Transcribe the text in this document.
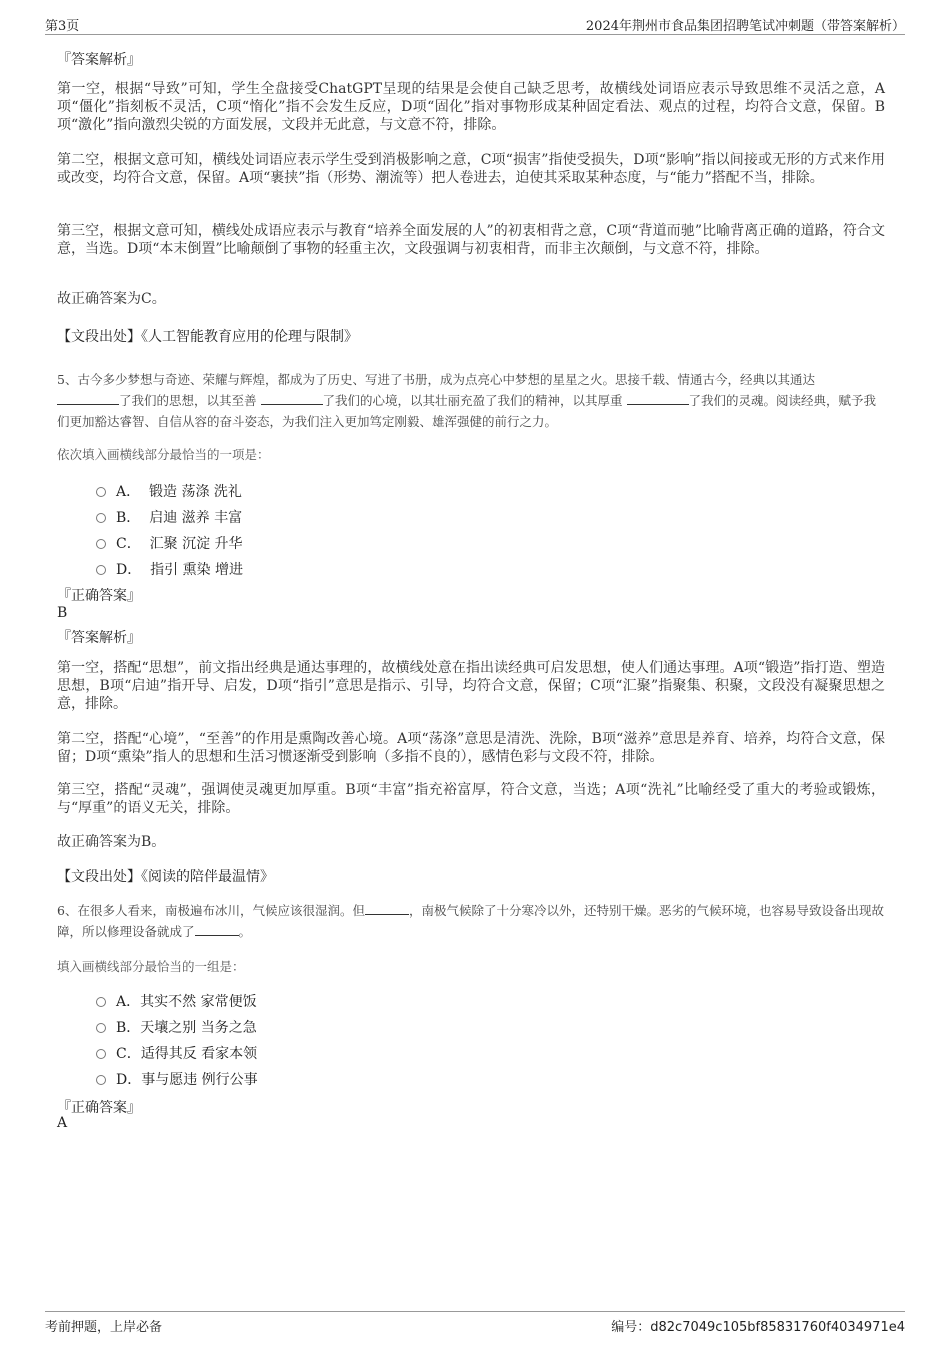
第3页	2024年荆州市食品集团招聘笔试冲刺题（带答案解析）
『答案解析』
第一空，根据“导致”可知，学生全盘接受ChatGPT呈现的结果是会使自己缺乏思考，故横线处词语应表示导致思维不灵活之意，A项“僵化”指刻板不灵活，C项“惰化”指不会发生反应，D项“固化”指对事物形成某种固定看法、观点的过程，均符合文意，保留。B项“激化”指向激烈尖锐的方面发展，文段并无此意，与文意不符，排除。
第二空，根据文意可知，横线处词语应表示学生受到消极影响之意，C项“损害”指使受损失，D项“影响”指以间接或无形的方式来作用或改变，均符合文意，保留。A项“裹挟”指（形势、潮流等）把人卷进去，迫使其采取某种态度，与“能力”搭配不当，排除。
第三空，根据文意可知，横线处成语应表示与教育“培养全面发展的人”的初衷相背之意，C项“背道而驰”比喻背离正确的道路，符合文意，当选。D项“本末倒置”比喻颠倒了事物的轻重主次，文段强调与初衷相背，而非主次颠倒，与文意不符，排除。
故正确答案为C。
【文段出处】《人工智能教育应用的伦理与限制》
5、古今多少梦想与奇迹、荣耀与辉煌，都成为了历史、写进了书册，成为点亮心中梦想的星星之火。思接千载、情通古今，经典以其通达
了我们的思想，以其至善	了我们的心境，以其壮丽充盈了我们的精神，以其厚重	了我们的灵魂。阅读经典，赋予我们更加豁达睿智、自信从容的奋斗姿态，为我们注入更加笃定刚毅、雄浑强健的前行之力。
依次填入画横线部分最恰当的一项是：
A． 锻造 荡涤 洗礼
B． 启迪 滋养 丰富
C． 汇聚 沉淀 升华
D． 指引 熏染 增进
『正确答案』
B
『答案解析』
第一空，搭配“思想”，前文指出经典是通达事理的，故横线处意在指出读经典可启发思想，使人们通达事理。A项“锻造”指打造、塑造思想，B项“启迪”指开导、启发，D项“指引”意思是指示、引导，均符合文意，保留；C项“汇聚”指聚集、积聚，文段没有凝聚思想之意，排除。
第二空，搭配“心境”，“至善”的作用是熏陶改善心境。A项“荡涤”意思是清洗、洗除，B项“滋养”意思是养育、培养，均符合文意，保留；D项“熏染”指人的思想和生活习惯逐渐受到影响（多指不良的），感情色彩与文段不符，排除。
第三空，搭配“灵魂”，强调使灵魂更加厚重。B项“丰富”指充裕富厚，符合文意，当选；A项“洗礼”比喻经受了重大的考验或锻炼，与“厚重”的语义无关，排除。
故正确答案为B。
【文段出处】《阅读的陪伴最温情》
6、在很多人看来，南极遍布冰川，气候应该很湿润。但	，南极气候除了十分寒冷以外，还特别干燥。恶劣的气候环境，也容易导致设备出现故障，所以修理设备就成了	。
填入画横线部分最恰当的一组是：
A．其实不然 家常便饭
B．天壤之别 当务之急
C．适得其反 看家本领
D．事与愿违 例行公事
『正确答案』
A
考前押题，上岸必备	编号：d82c7049c105bf85831760f4034971e4
